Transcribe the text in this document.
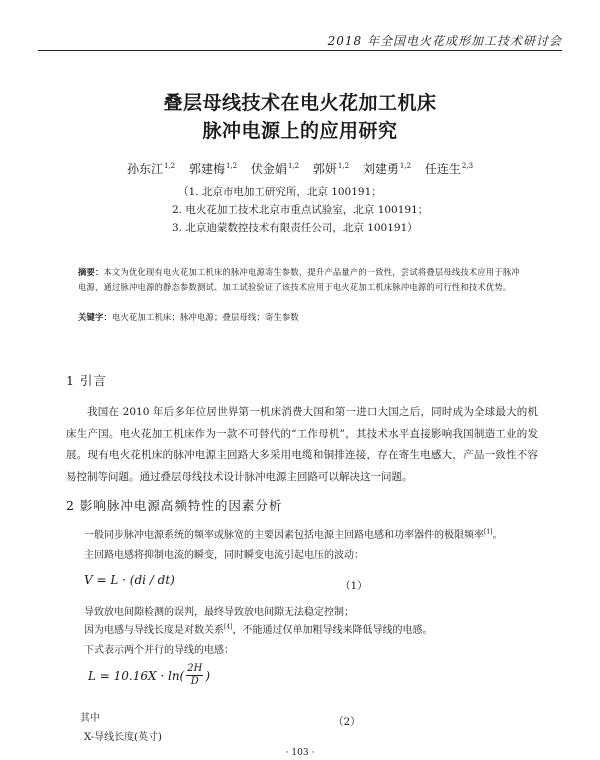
2018 年全国电火花成形加工技术研讨会
叠层母线技术在电火花加工机床
脉冲电源上的应用研究
孙东江$^{1,2}$ 郭建梅$^{1,2}$ 伏金娟$^{1,2}$ 郭妍$^{1,2}$ 刘建勇$^{1,2}$ 任连生$^{2,3}$
（1. 北京市电加工研究所，北京 100191；
2. 电火花加工技术北京市重点试验室，北京 100191；
3. 北京迪蒙数控技术有限责任公司，北京 100191）
摘要：本文为优化现有电火花加工机床的脉冲电源寄生参数，提升产品量产的一致性，尝试将叠层母线技术应用于脉冲电源，通过脉冲电源的静态参数测试、加工试验验证了该技术应用于电火花加工机床脉冲电源的可行性和技术优势。
关键字：电火花加工机床；脉冲电源；叠层母线；寄生参数
1 引言
我国在 2010 年后多年位居世界第一机床消费大国和第一进口大国之后，同时成为全球最大的机床生产国。电火花加工机床作为一款不可替代的“工作母机”，其技术水平直接影响我国制造工业的发展。现有电火花机床的脉冲电源主回路大多采用电缆和铜排连接，存在寄生电感大，产品一致性不容易控制等问题。通过叠层母线技术设计脉冲电源主回路可以解决这一问题。
2 影响脉冲电源高频特性的因素分析
一般同步脉冲电源系统的频率或脉宽的主要因素包括电源主回路电感和功率器件的极限频率[1]。
主回路电感将抑制电流的瞬变，同时瞬变电流引起电压的波动：
V = L · (di / dt)	（1）
导致放电间隙检测的误判，最终导致放电间隙无法稳定控制；
因为电感与导线长度是对数关系[4]，不能通过仅单加粗导线来降低导线的电感。
下式表示两个并行的导线的电感：
$L = 10.16X \cdot \ln( \frac{2H}{D}$ )
（2）
其中
X-导线长度(英寸)
· 103 ·
